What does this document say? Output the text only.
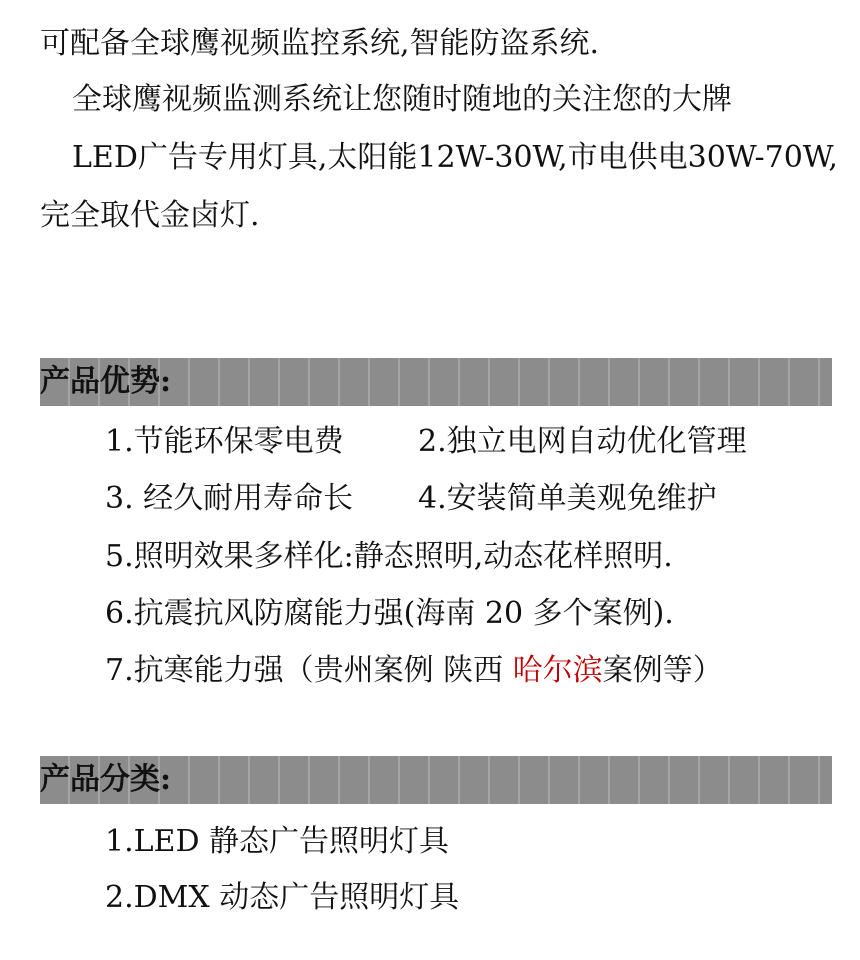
可配备全球鹰视频监控系统,智能防盗系统.
全球鹰视频监测系统让您随时随地的关注您的大牌
LED广告专用灯具,太阳能12W-30W,市电供电30W-70W,
完全取代金卤灯.
产品优势:
1.节能环保零电费 2.独立电网自动优化管理
3. 经久耐用寿命长 4.安装简单美观免维护
5.照明效果多样化:静态照明,动态花样照明.
6.抗震抗风防腐能力强(海南 20 多个案例).
7.抗寒能力强（贵州案例 陕西 哈尔滨案例等）
产品分类:
1.LED 静态广告照明灯具
2.DMX 动态广告照明灯具
